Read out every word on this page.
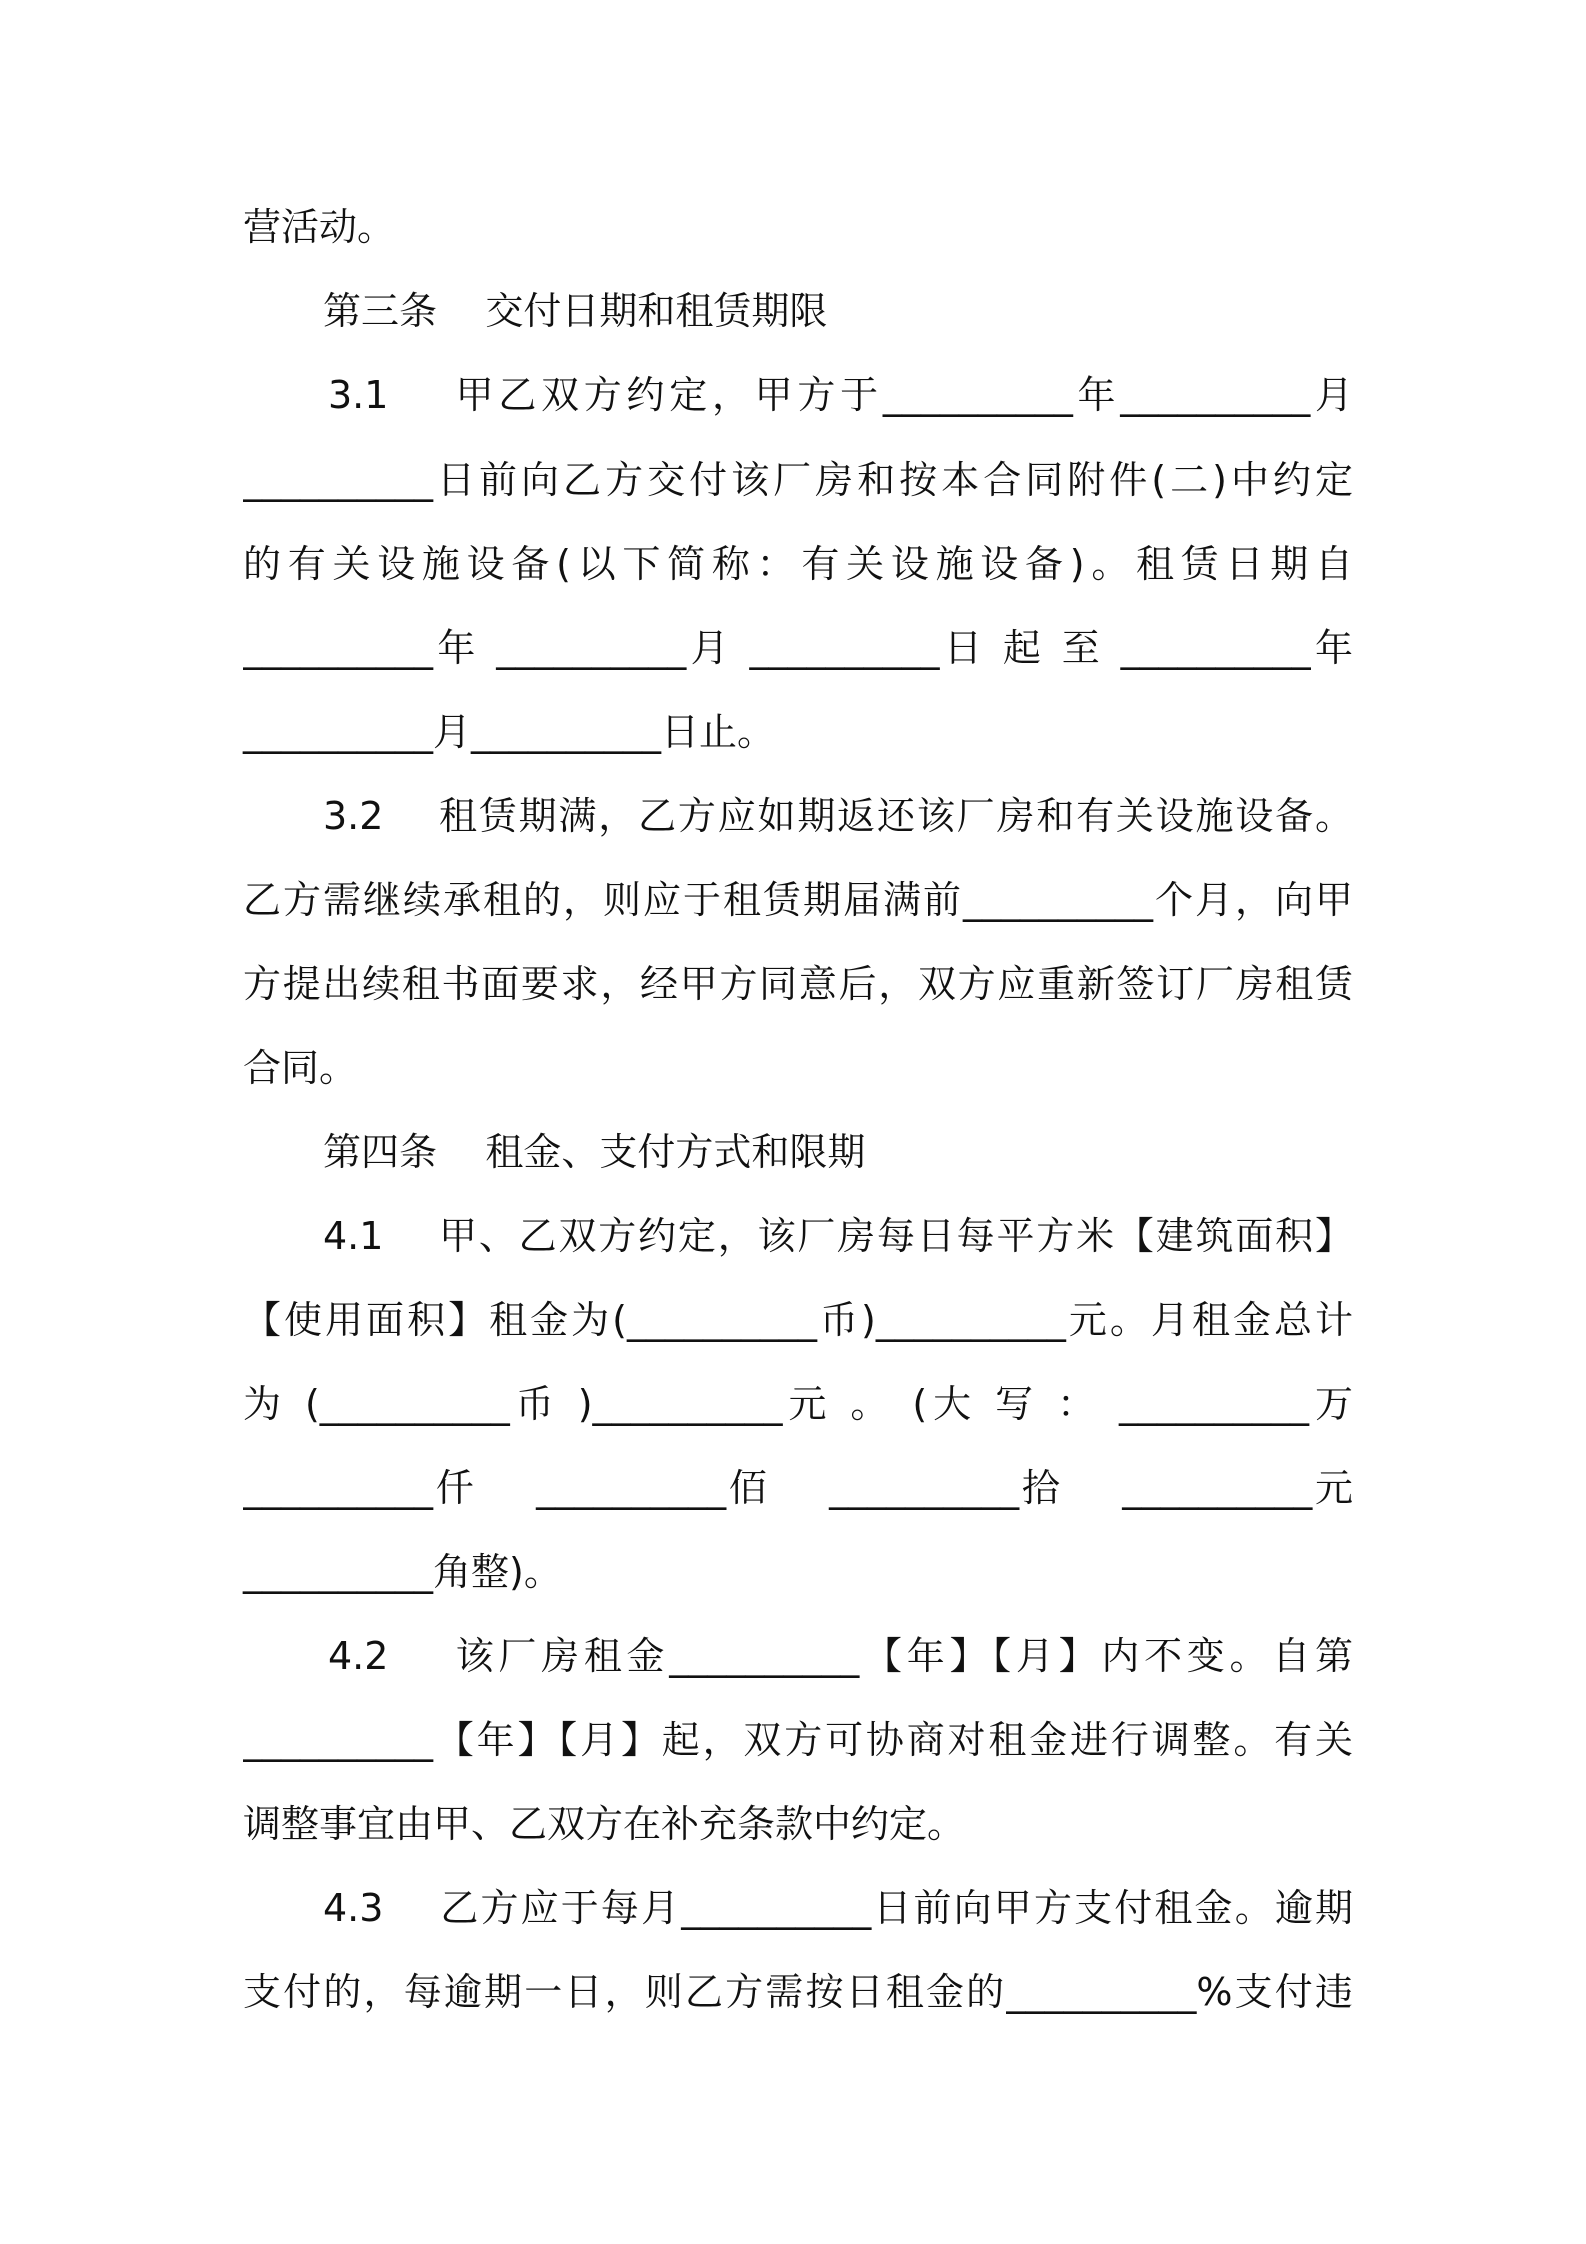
营活动。
第三条    交付日期和租赁期限
3.1    甲乙双方约定，甲方于__________年__________月
__________日前向乙方交付该厂房和按本合同附件(二)中约定
的有关设施设备(以下简称：有关设施设备)。租赁日期自
__________年 __________月 __________日 起 至 __________年
__________月__________日止。
3.2    租赁期满，乙方应如期返还该厂房和有关设施设备。
乙方需继续承租的，则应于租赁期届满前__________个月，向甲
方提出续租书面要求，经甲方同意后，双方应重新签订厂房租赁
合同。
第四条    租金、支付方式和限期
4.1    甲、乙双方约定，该厂房每日每平方米【建筑面积】
【使用面积】租金为(__________币)__________元。月租金总计
为 (__________币 )__________元 。 (大 写 ： __________万
__________仟    __________佰    __________拾    __________元
__________角整)。
4.2    该厂房租金__________【年】【月】内不变。自第
__________【年】【月】起，双方可协商对租金进行调整。有关
调整事宜由甲、乙双方在补充条款中约定。
4.3    乙方应于每月__________日前向甲方支付租金。逾期
支付的，每逾期一日，则乙方需按日租金的__________%支付违
